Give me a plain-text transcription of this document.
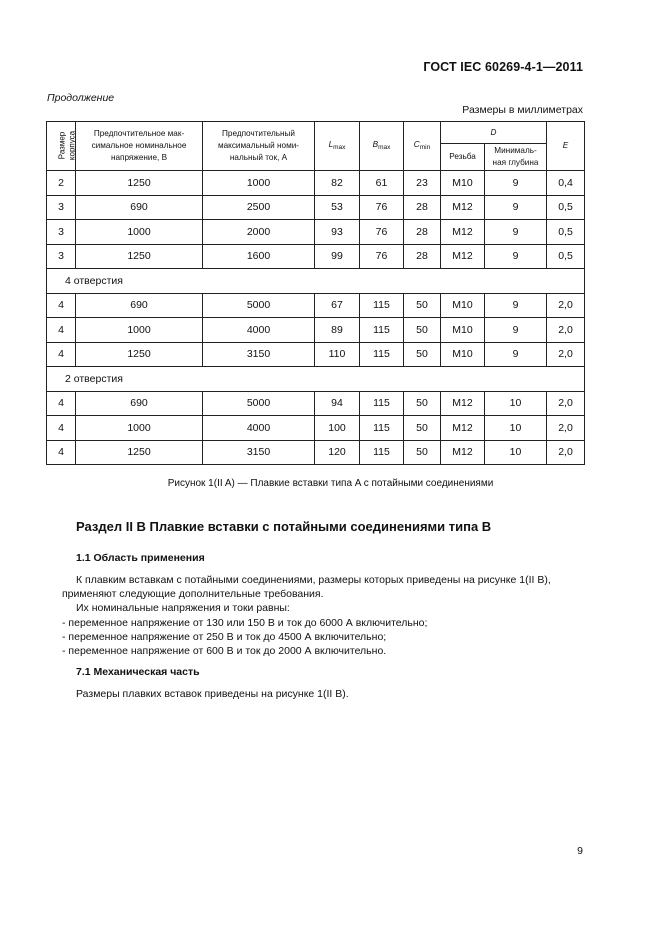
ГОСТ IEC 60269-4-1—2011
Продолжение
Размеры в миллиметрах
Размер корпуса	Предпочтительное мак-симальное номинальное напряжение, В	Предпочтительный максимальный номи-нальный ток, А	$L_{max}$	$B_{max}$	$C_{min}$	D		E
						Резьба	Минималь-ная глубина	
2	1250	1000	82	61	23	M10	9	0,4
3	690	2500	53	76	28	M12	9	0,5
3	1000	2000	93	76	28	M12	9	0,5
3	1250	1600	99	76	28	M12	9	0,5
4 отверстия								
4	690	5000	67	115	50	M10	9	2,0
4	1000	4000	89	115	50	M10	9	2,0
4	1250	3150	110	115	50	M10	9	2,0
2 отверстия								
4	690	5000	94	115	50	M12	10	2,0
4	1000	4000	100	115	50	M12	10	2,0
4	1250	3150	120	115	50	M12	10	2,0
Рисунок 1(II A) — Плавкие вставки типа A с потайными соединениями
Раздел II B Плавкие вставки с потайными соединениями типа B
1.1 Область применения

К плавким вставкам с потайными соединениями, размеры которых приведены на рисунке 1(II B), применяют следующие дополнительные требования.

Их номинальные напряжения и токи равны:

- переменное напряжение от 130 или 150 В и ток до 6000 А включительно;

- переменное напряжение от 250 В и ток до 4500 А включительно;

- переменное напряжение от 600 В и ток до 2000 А включительно.

7.1 Механическая часть
Размеры плавких вставок приведены на рисунке 1(II B).
9
